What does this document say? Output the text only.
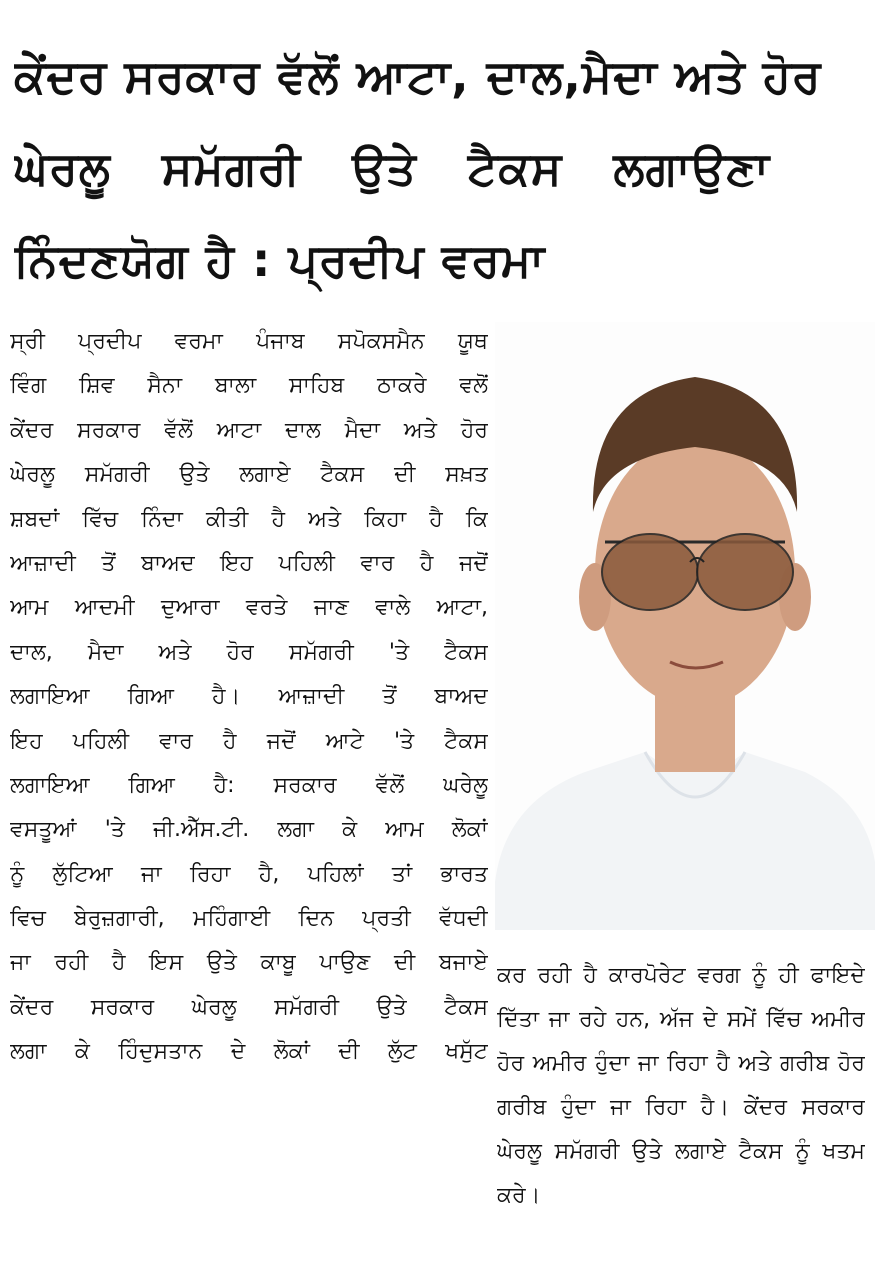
ਕੇਂਦਰ ਸਰਕਾਰ ਵੱਲੋਂ ਆਟਾ, ਦਾਲ,ਮੈਦਾ ਅਤੇ ਹੋਰ
ਘੇਰਲੂ ਸਮੱਗਰੀ ਉਤੇ ਟੈਕਸ ਲਗਾਉਣਾ
ਨਿੰਦਣਯੋਗ ਹੈ : ਪ੍ਰਦੀਪ ਵਰਮਾ
ਸ੍ਰੀ ਪ੍ਰਦੀਪ ਵਰਮਾ ਪੰਜਾਬ ਸਪੋਕਸਮੈਨ ਯੂਥ
ਵਿੰਗ ਸ਼ਿਵ ਸੈਨਾ ਬਾਲਾ ਸਾਹਿਬ ਠਾਕਰੇ ਵਲੋਂ
ਕੇਂਦਰ ਸਰਕਾਰ ਵੱਲੋਂ ਆਟਾ ਦਾਲ ਮੈਦਾ ਅਤੇ ਹੋਰ
ਘੇਰਲੂ ਸਮੱਗਰੀ ਉਤੇ ਲਗਾਏ ਟੈਕਸ ਦੀ ਸਖ਼ਤ
ਸ਼ਬਦਾਂ ਵਿੱਚ ਨਿੰਦਾ ਕੀਤੀ ਹੈ ਅਤੇ ਕਿਹਾ ਹੈ ਕਿ
ਆਜ਼ਾਦੀ ਤੋਂ ਬਾਅਦ ਇਹ ਪਹਿਲੀ ਵਾਰ ਹੈ ਜਦੋਂ
ਆਮ ਆਦਮੀ ਦੁਆਰਾ ਵਰਤੇ ਜਾਣ ਵਾਲੇ ਆਟਾ,
ਦਾਲ, ਮੈਦਾ ਅਤੇ ਹੋਰ ਸਮੱਗਰੀ 'ਤੇ ਟੈਕਸ
ਲਗਾਇਆ ਗਿਆ ਹੈ। ਆਜ਼ਾਦੀ ਤੋਂ ਬਾਅਦ
ਇਹ ਪਹਿਲੀ ਵਾਰ ਹੈ ਜਦੋਂ ਆਟੇ 'ਤੇ ਟੈਕਸ
ਲਗਾਇਆ ਗਿਆ ਹੈ: ਸਰਕਾਰ ਵੱਲੋਂ ਘਰੇਲੂ
ਵਸਤੂਆਂ 'ਤੇ ਜੀ.ਐੱਸ.ਟੀ. ਲਗਾ ਕੇ ਆਮ ਲੋਕਾਂ
ਨੂੰ ਲੁੱਟਿਆ ਜਾ ਰਿਹਾ ਹੈ, ਪਹਿਲਾਂ ਤਾਂ ਭਾਰਤ
ਵਿਚ ਬੇਰੁਜ਼ਗਾਰੀ, ਮਹਿੰਗਾਈ ਦਿਨ ਪ੍ਰਤੀ ਵੱਧਦੀ
ਜਾ ਰਹੀ ਹੈ ਇਸ ਉਤੇ ਕਾਬੂ ਪਾਉਣ ਦੀ ਬਜਾਏ
ਕੇਂਦਰ ਸਰਕਾਰ ਘੇਰਲੂ ਸਮੱਗਰੀ ਉਤੇ ਟੈਕਸ
ਲਗਾ ਕੇ ਹਿੰਦੁਸਤਾਨ ਦੇ ਲੋਕਾਂ ਦੀ ਲੁੱਟ ਖਸੁੱਟ
ਕਰ ਰਹੀ ਹੈ ਕਾਰਪੋਰੇਟ ਵਰਗ ਨੂੰ ਹੀ ਫਾਇਦੇ
ਦਿੱਤਾ ਜਾ ਰਹੇ ਹਨ, ਅੱਜ ਦੇ ਸਮੇਂ ਵਿੱਚ ਅਮੀਰ
ਹੋਰ ਅਮੀਰ ਹੁੰਦਾ ਜਾ ਰਿਹਾ ਹੈ ਅਤੇ ਗਰੀਬ ਹੋਰ
ਗਰੀਬ ਹੁੰਦਾ ਜਾ ਰਿਹਾ ਹੈ। ਕੇਂਦਰ ਸਰਕਾਰ
ਘੇਰਲੂ ਸਮੱਗਰੀ ਉਤੇ ਲਗਾਏ ਟੈਕਸ ਨੂੰ ਖਤਮ
ਕਰੇ।
